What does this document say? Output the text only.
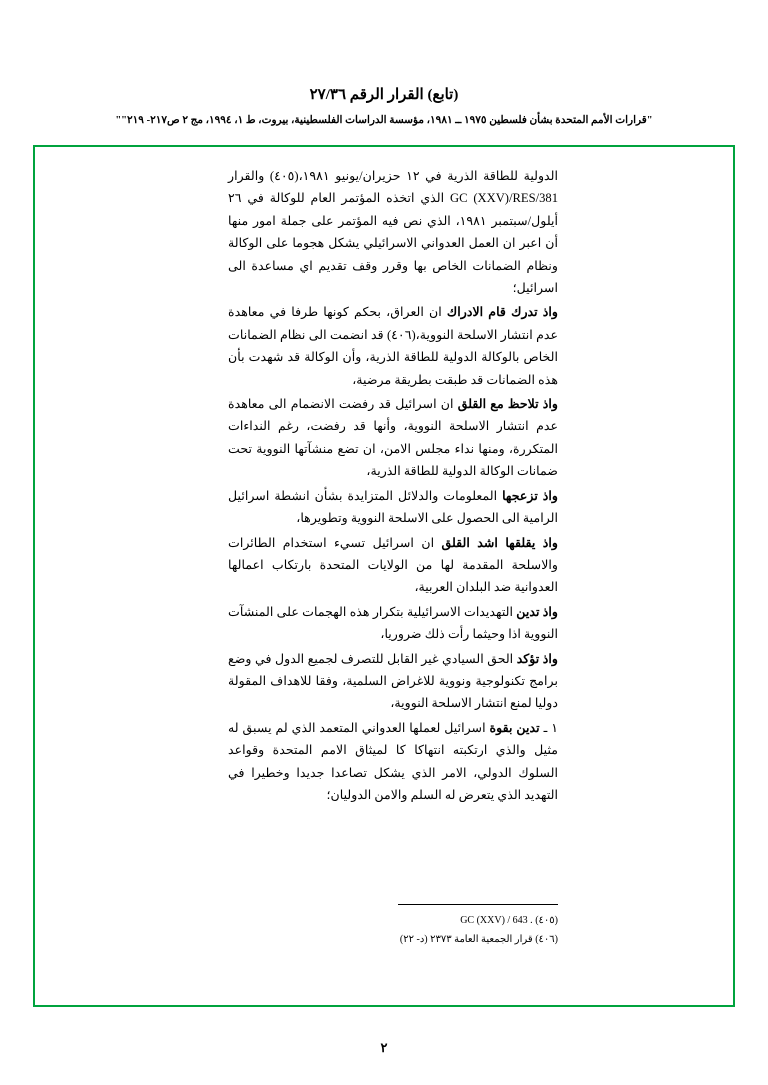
(تابع) القرار الرقم ٢٧/٣٦
"قرارات الأمم المتحدة بشأن فلسطين ١٩٧٥ ــ ١٩٨١، مؤسسة الدراسات الفلسطينية، بيروت، ط ١، ١٩٩٤، مج ٢ ص٢١٧- ٢١٩""

الدولية للطاقة الذرية في ١٢ حزيران/يونيو ١٩٨١،(٤٠٥) والقرار GC (XXV)/RES/381 الذي اتخذه المؤتمر العام للوكالة في ٢٦ أيلول/سبتمبر ١٩٨١، الذي نص فيه المؤتمر على جملة امور منها أن اعبر ان العمل العدواني الاسرائيلي يشكل هجوما على الوكالة ونظام الضمانات الخاص بها وقرر وقف تقديم اي مساعدة الى اسرائيل؛

واذ تدرك قام الادراك ان العراق، بحكم كونها طرفا في معاهدة عدم انتشار الاسلحة النووية،(٤٠٦) قد انضمت الى نظام الضمانات الخاص بالوكالة الدولية للطاقة الذرية، وأن الوكالة قد شهدت بأن هذه الضمانات قد طبقت بطريقة مرضية،

واذ تلاحظ مع القلق ان اسرائيل قد رفضت الانضمام الى معاهدة عدم انتشار الاسلحة النووية، وأنها قد رفضت، رغم النداءات المتكررة، ومنها نداء مجلس الامن، ان تضع منشآتها النووية تحت ضمانات الوكالة الدولية للطاقة الذرية،

واذ تزعجها المعلومات والدلائل المتزايدة بشأن انشطة اسرائيل الرامية الى الحصول على الاسلحة النووية وتطويرها،

واذ يقلقها اشد القلق ان اسرائيل تسيء استخدام الطائرات والاسلحة المقدمة لها من الولايات المتحدة بارتكاب اعمالها العدوانية ضد البلدان العربية،

واذ تدين التهديدات الاسرائيلية بتكرار هذه الهجمات على المنشآت النووية اذا وحيثما رأت ذلك ضروريا،

واذ تؤكد الحق السيادي غير القابل للتصرف لجميع الدول في وضع برامج تكنولوجية ونووية للاغراض السلمية، وفقا للاهداف المقولة دوليا لمنع انتشار الاسلحة النووية،

١ ـ تدين بقوة اسرائيل لعملها العدواني المتعمد الذي لم يسبق له مثيل والذي ارتكبته انتهاكا كا لميثاق الامم المتحدة وقواعد السلوك الدولي، الامر الذي يشكل تصاعدا جديدا وخطيرا في التهديد الذي يتعرض له السلم والامن الدوليان؛

(٤٠٥) GC (XXV) / 643 .
(٤٠٦) قرار الجمعية العامة ٢٣٧٣ (د- ٢٢)
٢
